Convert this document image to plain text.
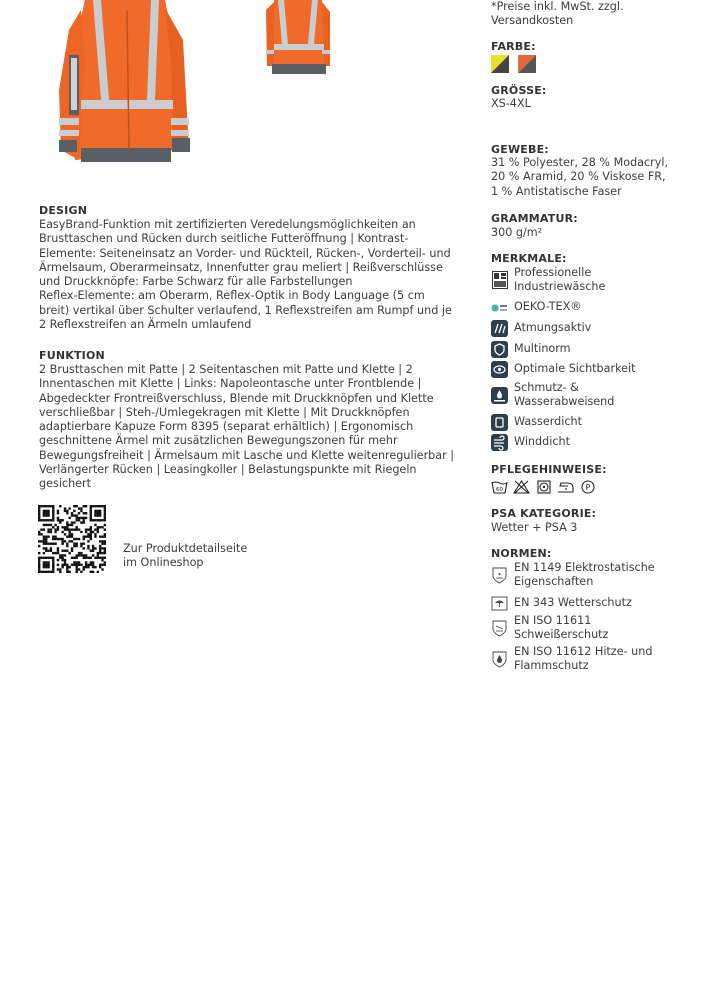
*Preise inkl. MwSt. zzgl. Versandkosten
FARBE:

GRÖSSE:
XS-4XL
GEWEBE:
31 % Polyester, 28 % Modacryl, 20 % Aramid, 20 % Viskose FR, 1 % Antistatische Faser
GRAMMATUR:
300 g/m²
MERKMALE:
Professionelle Industriewäsche
OEKO-TEX®
Atmungsaktiv
Multinorm
Optimale Sichtbarkeit
Schmutz- & Wasserabweisend
Wasserdicht
Winddicht
PFLEGEHINWEISE:
60	P
PSA KATEGORIE:
Wetter + PSA 3
NORMEN:
EN 1149 Elektrostatische Eigenschaften
EN 343 Wetterschutz
EN ISO 11611 Schweißerschutz
EN ISO 11612 Hitze- und Flammschutz
DESIGN
EasyBrand-Funktion mit zertifizierten Veredelungsmöglichkeiten an Brusttaschen und Rücken durch seitliche Futteröffnung | Kontrast-Elemente: Seiteneinsatz an Vorder- und Rückteil, Rücken-, Vorderteil- und Ärmelsaum, Oberarmeinsatz, Innenfutter grau meliert | Reißverschlüsse und Druckknöpfe: Farbe Schwarz für alle Farbstellungen
Reflex-Elemente: am Oberarm, Reflex-Optik in Body Language (5 cm breit) vertikal über Schulter verlaufend, 1 Reflexstreifen am Rumpf und je 2 Reflexstreifen an Ärmeln umlaufend
FUNKTION
2 Brusttaschen mit Patte | 2 Seitentaschen mit Patte und Klette | 2 Innentaschen mit Klette | Links: Napoleontasche unter Frontblende | Abgedeckter Frontreißverschluss, Blende mit Druckknöpfen und Klette verschließbar | Steh-/Umlegekragen mit Klette | Mit Druckknöpfen adaptierbare Kapuze Form 8395 (separat erhältlich) | Ergonomisch geschnittene Ärmel mit zusätzlichen Bewegungszonen für mehr Bewegungsfreiheit | Ärmelsaum mit Lasche und Klette weitenregulierbar | Verlängerter Rücken | Leasingkoller | Belastungspunkte mit Riegeln gesichert
Zur Produktdetailseite im Onlineshop
